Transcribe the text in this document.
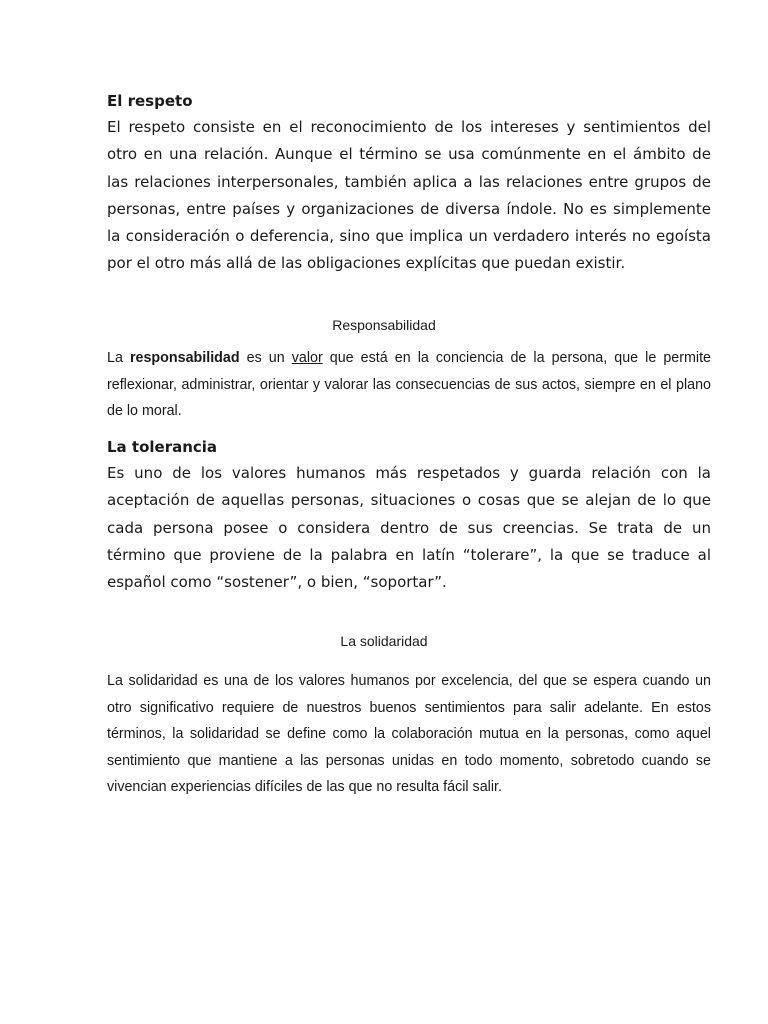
El respeto

El respeto consiste en el reconocimiento de los intereses y sentimientos del otro en una relación. Aunque el término se usa comúnmente en el ámbito de las relaciones interpersonales, también aplica a las relaciones entre grupos de personas, entre países y organizaciones de diversa índole. No es simplemente la consideración o deferencia, sino que implica un verdadero interés no egoísta por el otro más allá de las obligaciones explícitas que puedan existir.

Responsabilidad

La responsabilidad es un valor que está en la conciencia de la persona, que le permite reflexionar, administrar, orientar y valorar las consecuencias de sus actos, siempre en el plano de lo moral.

La tolerancia

Es uno de los valores humanos más respetados y guarda relación con la aceptación de aquellas personas, situaciones o cosas que se alejan de lo que cada persona posee o considera dentro de sus creencias. Se trata de un término que proviene de la palabra en latín “tolerare”, la que se traduce al español como “sostener”, o bien, “soportar”.

La solidaridad

La solidaridad es una de los valores humanos por excelencia, del que se espera cuando un otro significativo requiere de nuestros buenos sentimientos para salir adelante. En estos términos, la solidaridad se define como la colaboración mutua en la personas, como aquel sentimiento que mantiene a las personas unidas en todo momento, sobretodo cuando se vivencian experiencias difíciles de las que no resulta fácil salir.
